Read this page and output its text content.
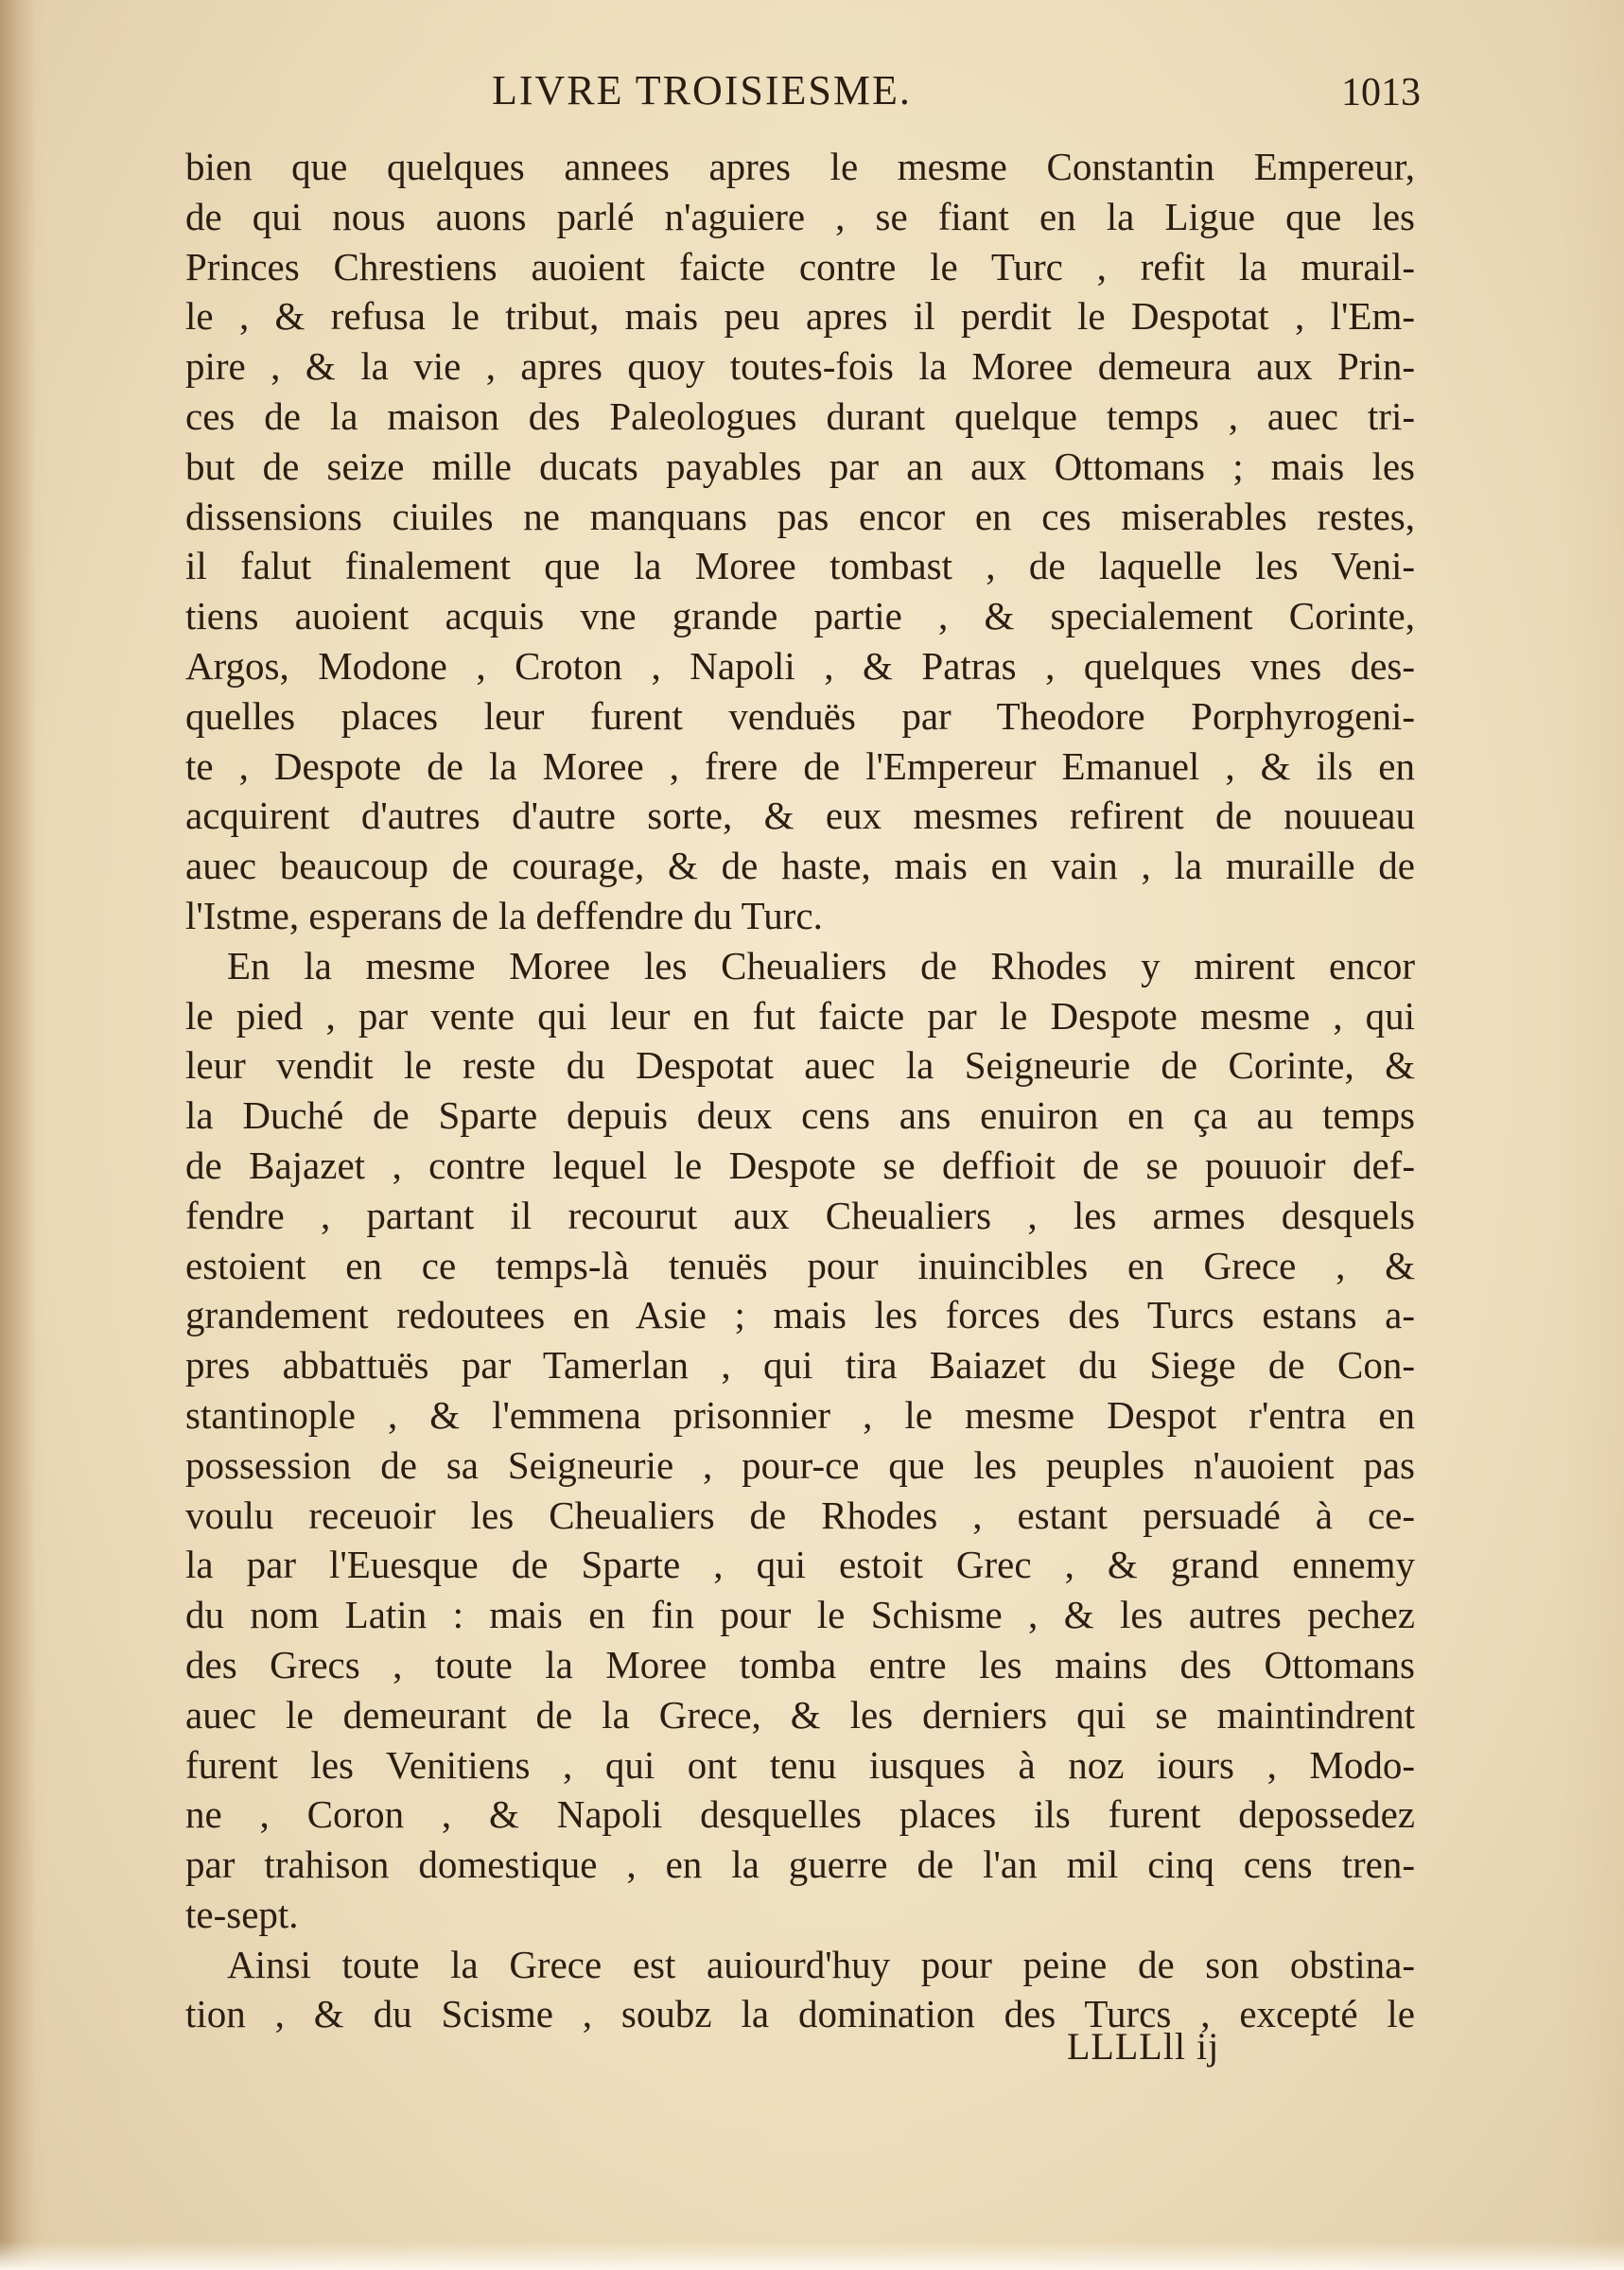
LIVRE TROISIESME.	1013
bien que quelques annees apres le mesme Constantin Empereur,
de qui nous auons parlé n'aguiere , se fiant en la Ligue que les
Princes Chrestiens auoient faicte contre le Turc , refit la murail-
le , & refusa le tribut, mais peu apres il perdit le Despotat , l'Em-
pire , & la vie , apres quoy toutes-fois la Moree demeura aux Prin-
ces de la maison des Paleologues durant quelque temps , auec tri-
but de seize mille ducats payables par an aux Ottomans ; mais les
dissensions ciuiles ne manquans pas encor en ces miserables restes,
il falut finalement que la Moree tombast , de laquelle les Veni-
tiens auoient acquis vne grande partie , & specialement Corinte,
Argos, Modone , Croton , Napoli , & Patras , quelques vnes des-
quelles places leur furent venduës par Theodore Porphyrogeni-
te , Despote de la Moree , frere de l'Empereur Emanuel , & ils en
acquirent d'autres d'autre sorte, & eux mesmes refirent de nouueau
auec beaucoup de courage, & de haste, mais en vain , la muraille de
l'Istme, esperans de la deffendre du Turc.
En la mesme Moree les Cheualiers de Rhodes y mirent encor
le pied , par vente qui leur en fut faicte par le Despote mesme , qui
leur vendit le reste du Despotat auec la Seigneurie de Corinte, &
la Duché de Sparte depuis deux cens ans enuiron en ça au temps
de Bajazet , contre lequel le Despote se deffioit de se pouuoir def-
fendre , partant il recourut aux Cheualiers , les armes desquels
estoient en ce temps-là tenuës pour inuincibles en Grece , &
grandement redoutees en Asie ; mais les forces des Turcs estans a-
pres abbattuës par Tamerlan , qui tira Baiazet du Siege de Con-
stantinople , & l'emmena prisonnier , le mesme Despot r'entra en
possession de sa Seigneurie , pour-ce que les peuples n'auoient pas
voulu receuoir les Cheualiers de Rhodes , estant persuadé à ce-
la par l'Euesque de Sparte , qui estoit Grec , & grand ennemy
du nom Latin : mais en fin pour le Schisme , & les autres pechez
des Grecs , toute la Moree tomba entre les mains des Ottomans
auec le demeurant de la Grece, & les derniers qui se maintindrent
furent les Venitiens , qui ont tenu iusques à noz iours , Modo-
ne , Coron , & Napoli desquelles places ils furent depossedez
par trahison domestique , en la guerre de l'an mil cinq cens tren-
te-sept.
Ainsi toute la Grece est auiourd'huy pour peine de son obstina-
tion , & du Scisme , soubz la domination des Turcs , excepté le
LLLLll ij
